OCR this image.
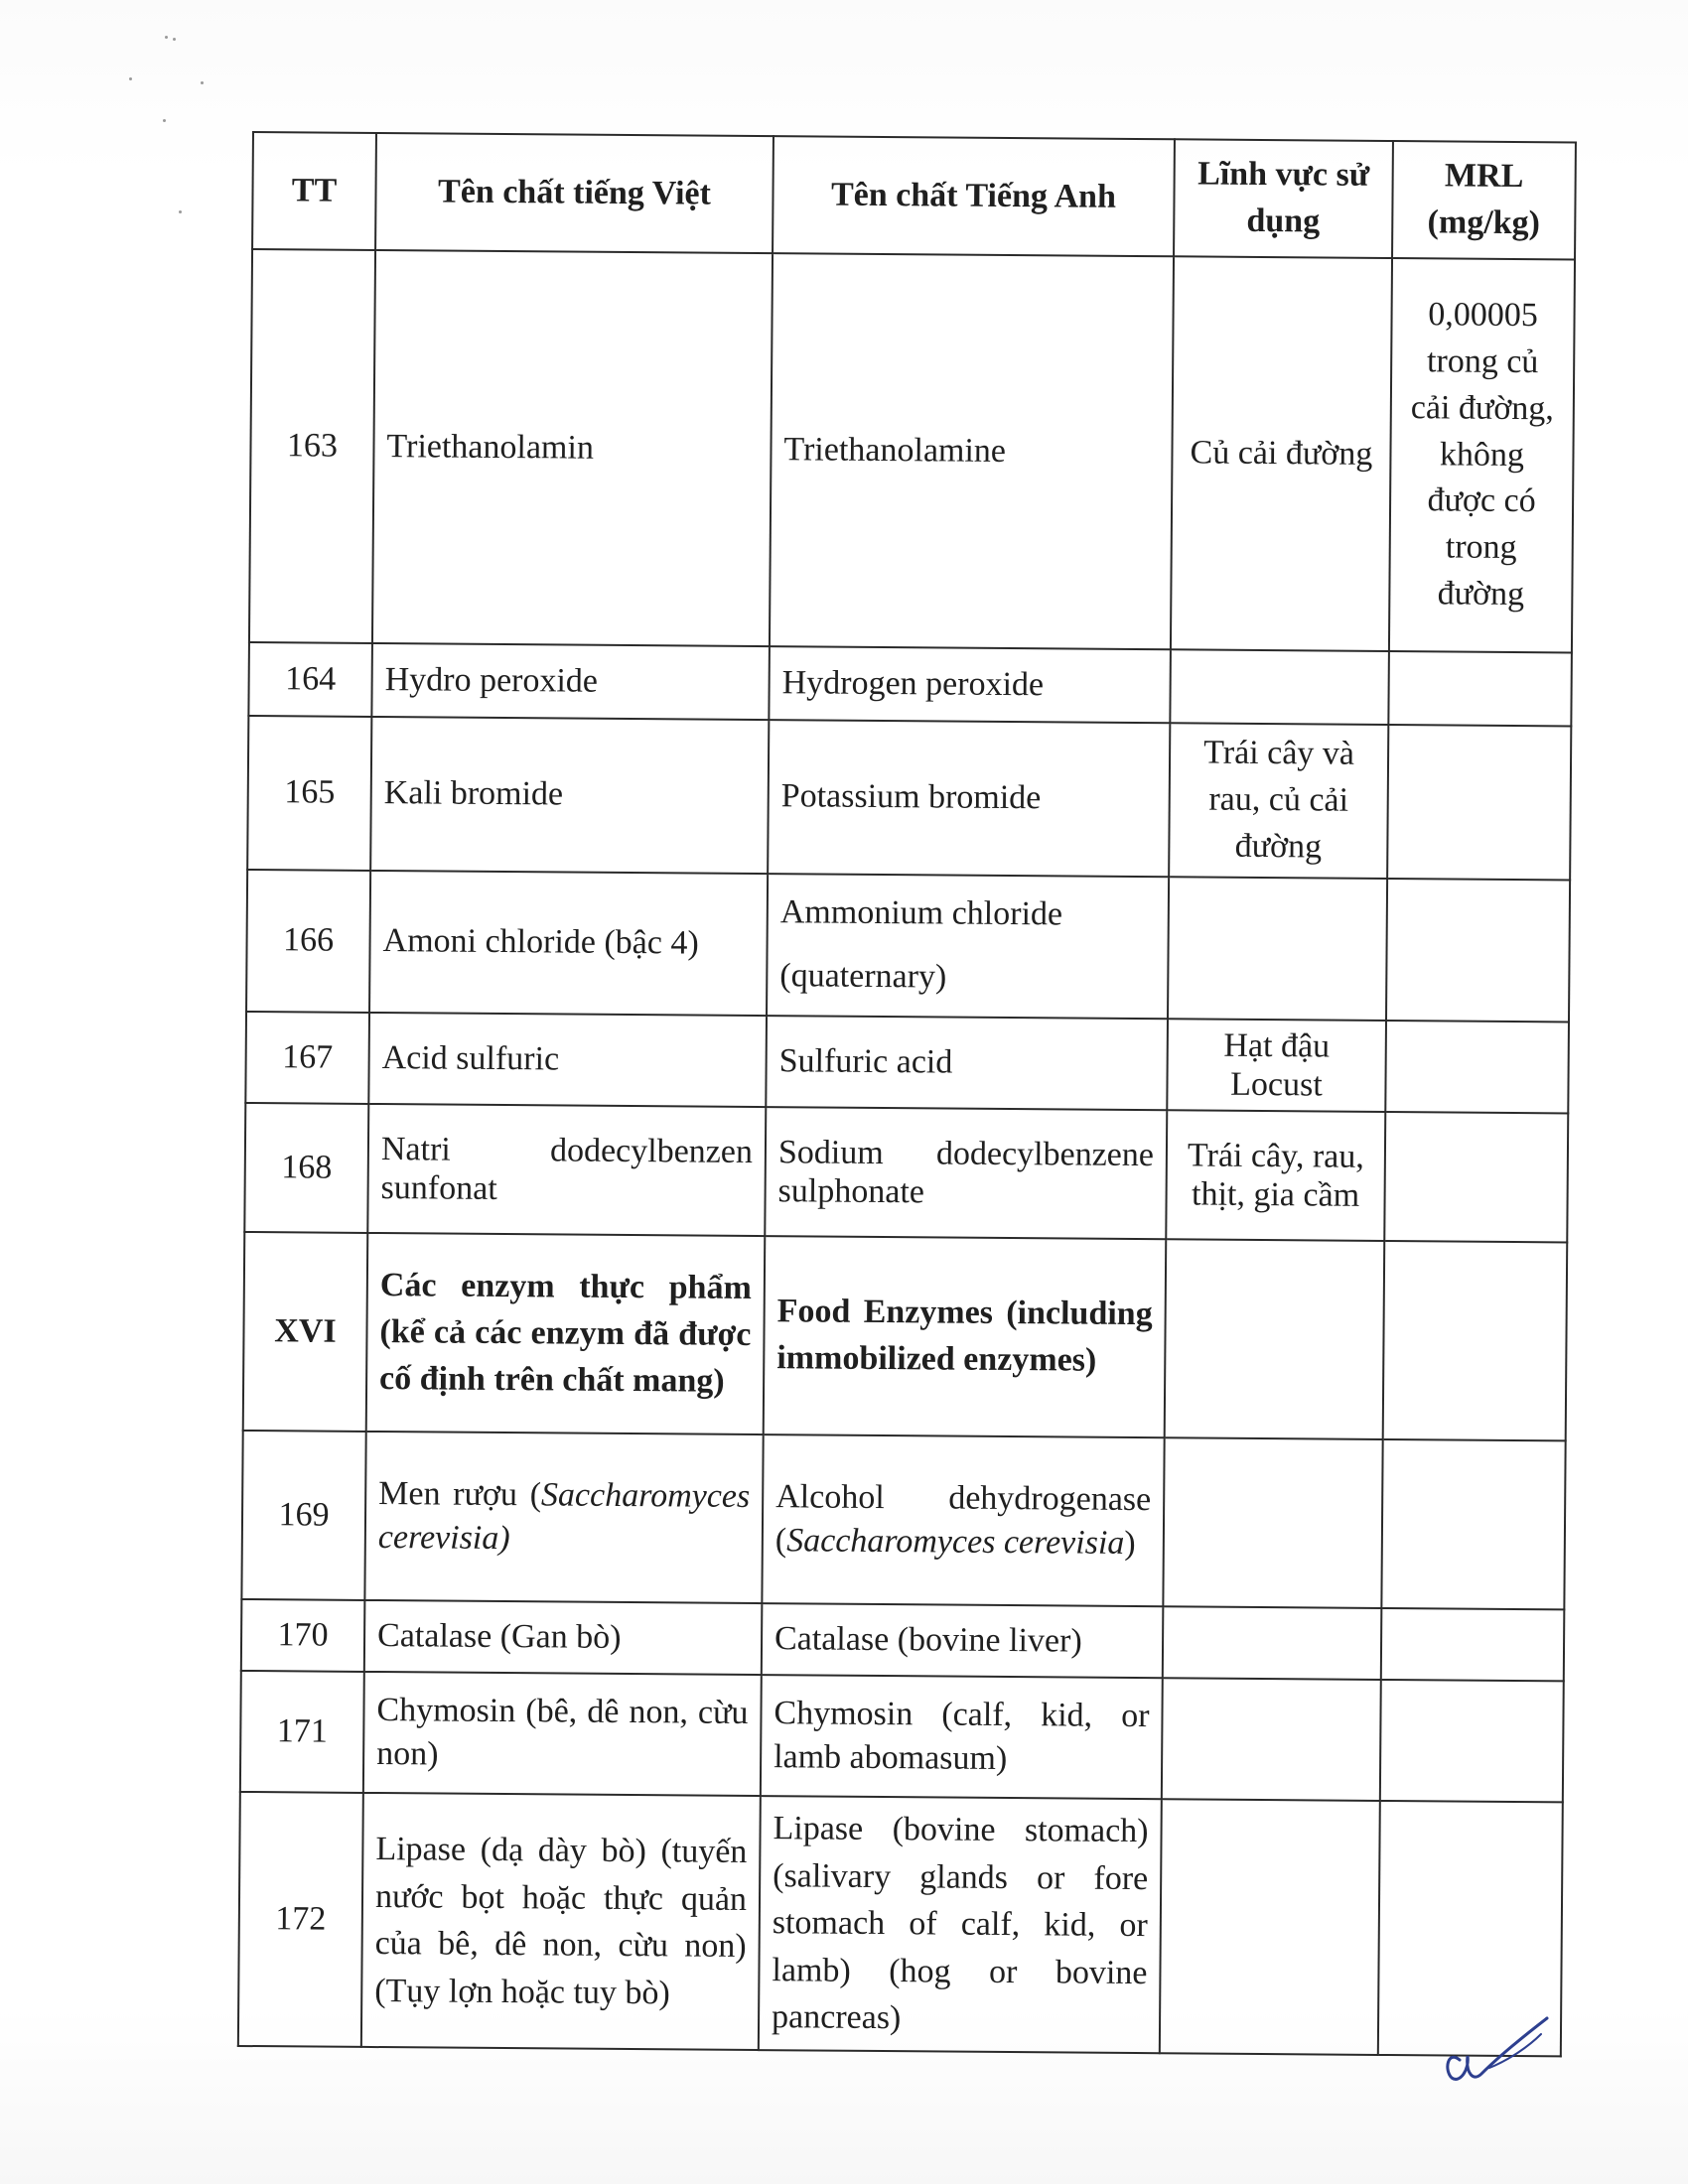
TT	Tên chất tiếng Việt	Tên chất Tiếng Anh	Lĩnh vực sử dụng	MRL (mg/kg)
163	Triethanolamin	Triethanolamine	Củ cải đường	0,00005 trong củ cải đường, không được có trong đường
164	Hydro peroxide	Hydrogen peroxide		
165	Kali bromide	Potassium bromide	Trái cây và rau, củ cải đường	
166	Amoni chloride (bậc 4)	Ammonium chloride (quaternary)		
167	Acid sulfuric	Sulfuric acid	Hạt đậu Locust	
168	Natri dodecylbenzen sunfonat	Sodium dodecylbenzene sulphonate	Trái cây, rau, thịt, gia cầm	
XVI	Các enzym thực phẩm (kể cả các enzym đã được cố định trên chất mang)	Food Enzymes (including immobilized enzymes)		
169	Men rượu (Saccharomyces cerevisia)	Alcohol dehydrogenase (Saccharomyces cerevisia)		
170	Catalase (Gan bò)	Catalase (bovine liver)		
171	Chymosin (bê, dê non, cừu non)	Chymosin (calf, kid, or lamb abomasum)		
172	Lipase (dạ dày bò) (tuyến nước bọt hoặc thực quản của bê, dê non, cừu non) (Tụy lợn hoặc tuy bò)	Lipase (bovine stomach) (salivary glands or fore stomach of calf, kid, or lamb) (hog or bovine pancreas)		
